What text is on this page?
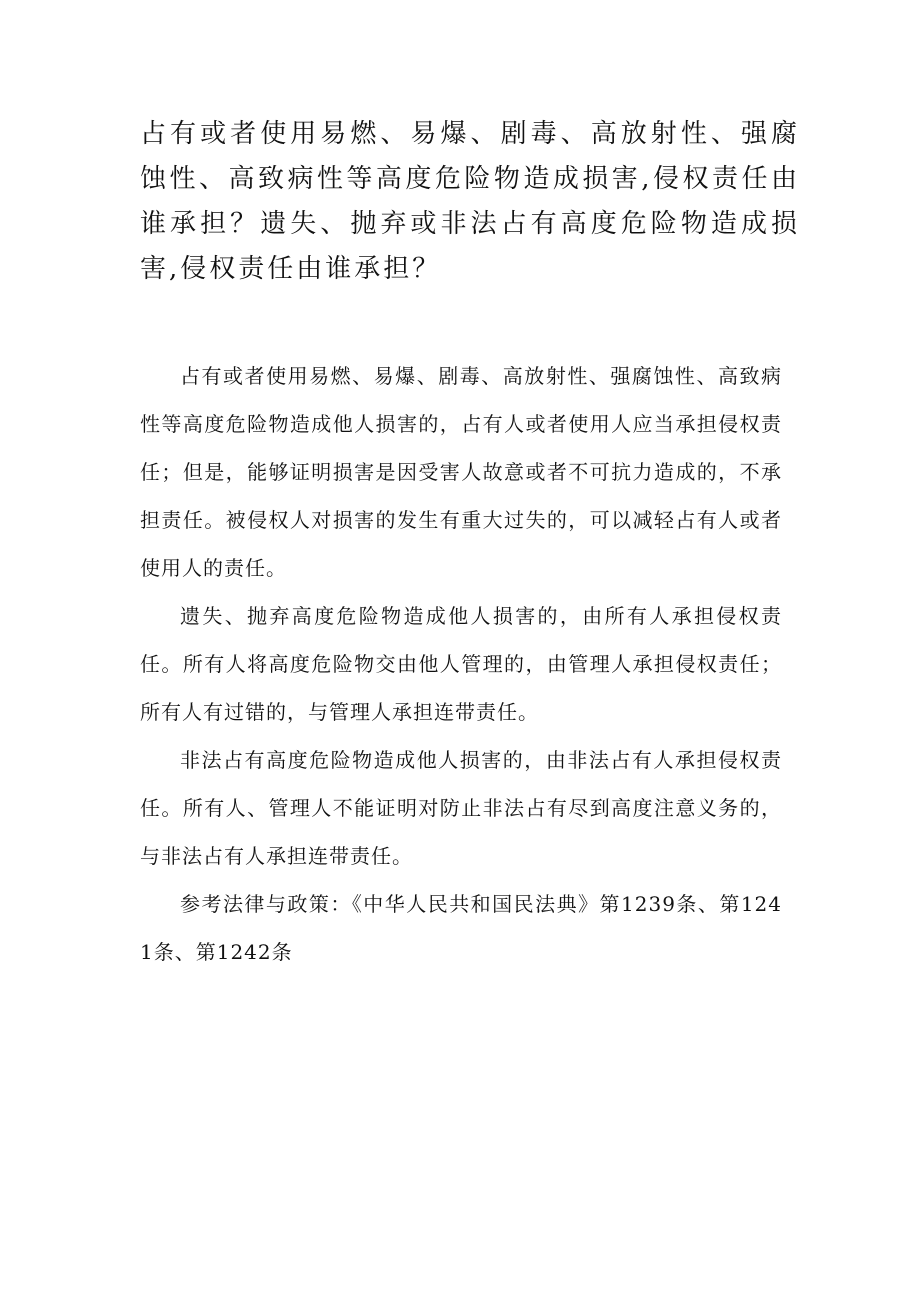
占有或者使用易燃、易爆、剧毒、高放射性、强腐蚀性、高致病性等高度危险物造成损害,侵权责任由谁承担？遗失、抛弃或非法占有高度危险物造成损害,侵权责任由谁承担？

占有或者使用易燃、易爆、剧毒、高放射性、强腐蚀性、高致病性等高度危险物造成他人损害的，占有人或者使用人应当承担侵权责任；但是，能够证明损害是因受害人故意或者不可抗力造成的，不承担责任。被侵权人对损害的发生有重大过失的，可以减轻占有人或者使用人的责任。

遗失、抛弃高度危险物造成他人损害的，由所有人承担侵权责任。所有人将高度危险物交由他人管理的，由管理人承担侵权责任；所有人有过错的，与管理人承担连带责任。

非法占有高度危险物造成他人损害的，由非法占有人承担侵权责任。所有人、管理人不能证明对防止非法占有尽到高度注意义务的，与非法占有人承担连带责任。

参考法律与政策：《中华人民共和国民法典》第1239条、第1241条、第1242条
